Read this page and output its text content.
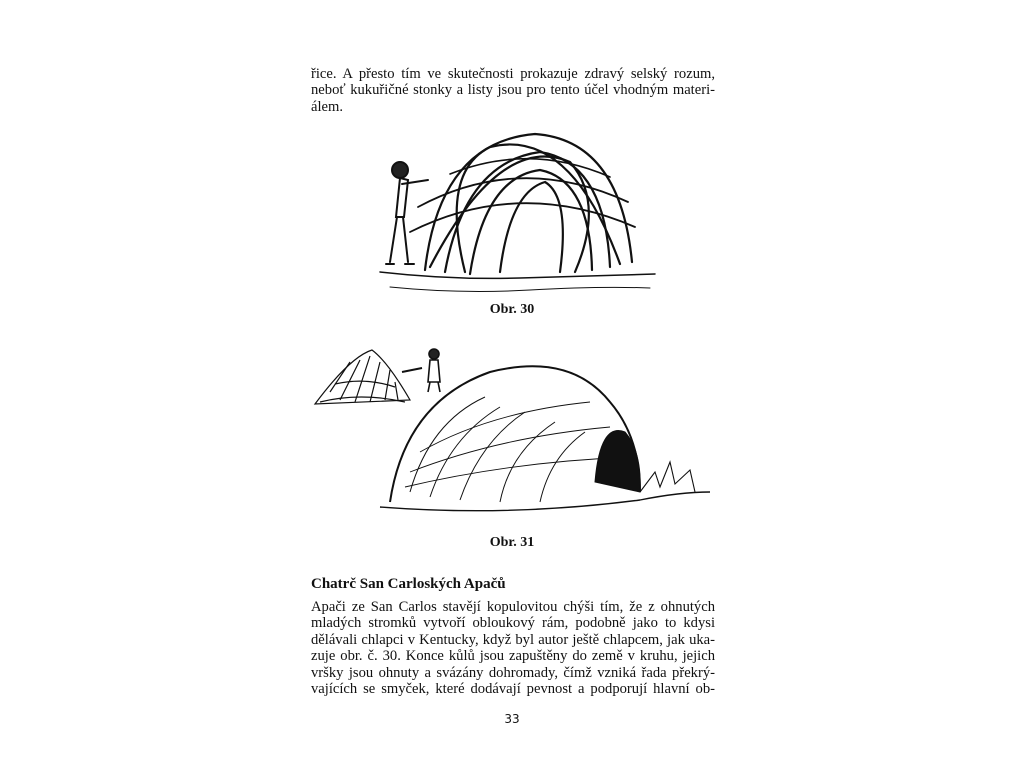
řice. A přesto tím ve skutečnosti prokazuje zdravý selský rozum,
neboť kukuřičné stonky a listy jsou pro tento účel vhodným materi-
álem.

Obr. 30
Obr. 31
Chatrč San Carloských Apačů

Apači ze San Carlos stavějí kopulovitou chýši tím, že z ohnutých
mladých stromků vytvoří obloukový rám, podobně jako to kdysi
dělávali chlapci v Kentucky, když byl autor ještě chlapcem, jak uka-
zuje obr. č. 30. Konce kůlů jsou zapuštěny do země v kruhu, jejich
vršky jsou ohnuty a svázány dohromady, čímž vzniká řada překrý-
vajících se smyček, které dodávají pevnost a podporují hlavní ob-

33
